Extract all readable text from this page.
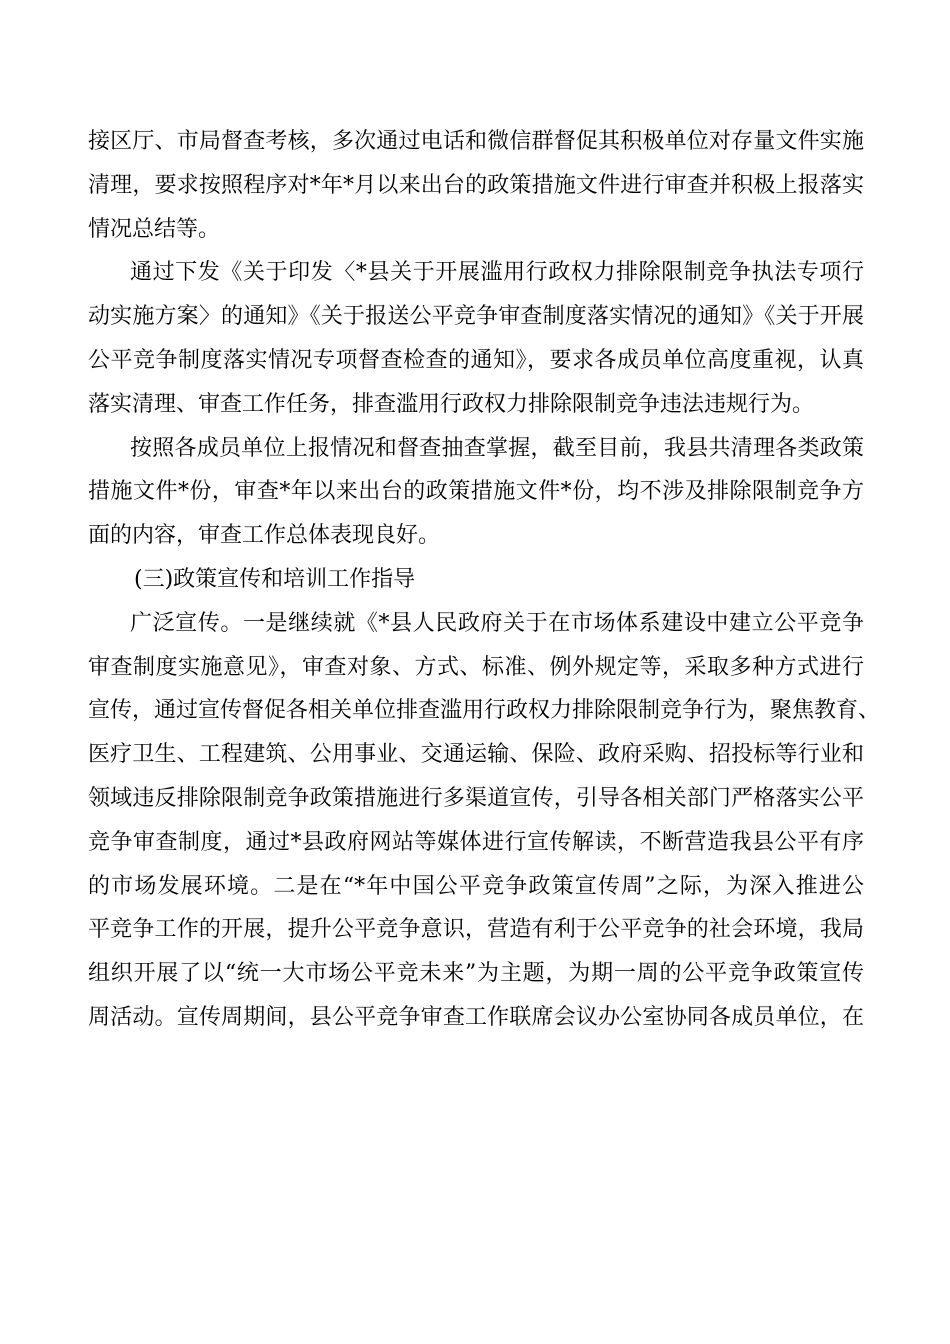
接区厅、市局督查考核，多次通过电话和微信群督促其积极单位对存量文件实施
清理，要求按照程序对*年*月以来出台的政策措施文件进行审查并积极上报落实
情况总结等。
通过下发《关于印发〈*县关于开展滥用行政权力排除限制竞争执法专项行
动实施方案〉的通知》《关于报送公平竞争审查制度落实情况的通知》《关于开展
公平竞争制度落实情况专项督查检查的通知》，要求各成员单位高度重视，认真
落实清理、审查工作任务，排查滥用行政权力排除限制竞争违法违规行为。
按照各成员单位上报情况和督查抽查掌握，截至目前，我县共清理各类政策
措施文件*份，审查*年以来出台的政策措施文件*份，均不涉及排除限制竞争方
面的内容，审查工作总体表现良好。
(三)政策宣传和培训工作指导
广泛宣传。一是继续就《*县人民政府关于在市场体系建设中建立公平竞争
审查制度实施意见》，审查对象、方式、标准、例外规定等，采取多种方式进行
宣传，通过宣传督促各相关单位排查滥用行政权力排除限制竞争行为，聚焦教育、
医疗卫生、工程建筑、公用事业、交通运输、保险、政府采购、招投标等行业和
领域违反排除限制竞争政策措施进行多渠道宣传，引导各相关部门严格落实公平
竞争审查制度，通过*县政府网站等媒体进行宣传解读，不断营造我县公平有序
的市场发展环境。二是在“*年中国公平竞争政策宣传周”之际，为深入推进公
平竞争工作的开展，提升公平竞争意识，营造有利于公平竞争的社会环境，我局
组织开展了以“统一大市场公平竞未来”为主题，为期一周的公平竞争政策宣传
周活动。宣传周期间，县公平竞争审查工作联席会议办公室协同各成员单位，在
